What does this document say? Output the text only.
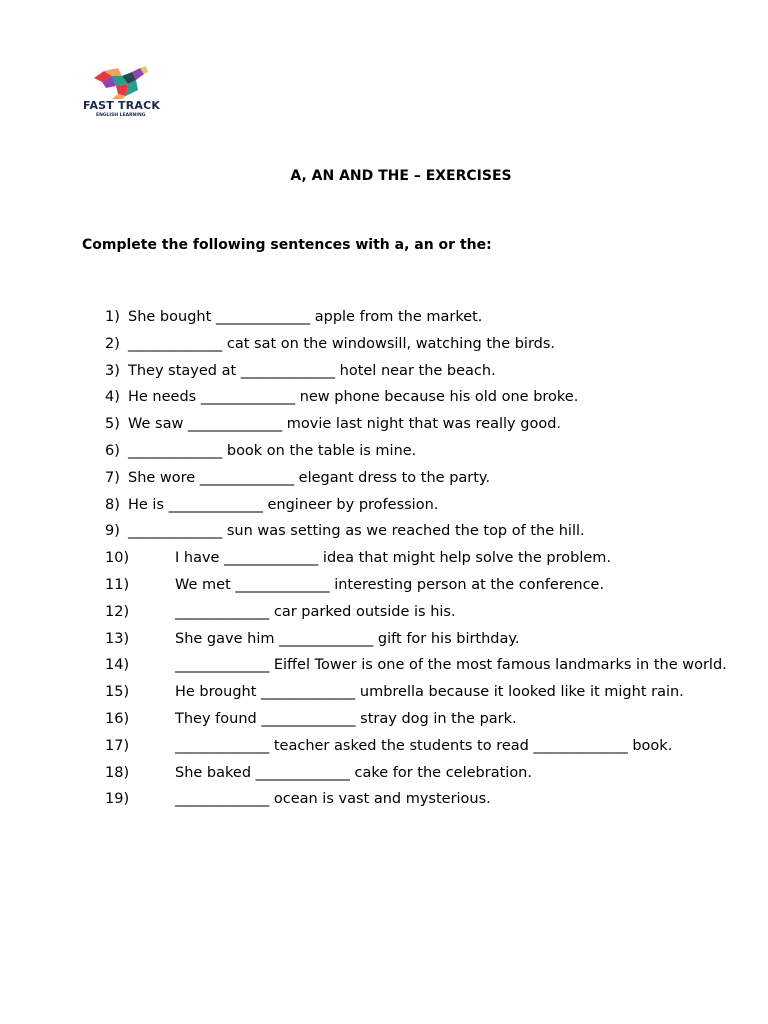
FAST TRACK
ENGLISH LEARNING
A, AN AND THE – EXERCISES
Complete the following sentences with a, an or the:
1) She bought _____________ apple from the market.
2) _____________ cat sat on the windowsill, watching the birds.
3) They stayed at _____________ hotel near the beach.
4) He needs _____________ new phone because his old one broke.
5) We saw _____________ movie last night that was really good.
6) _____________ book on the table is mine.
7) She wore _____________ elegant dress to the party.
8) He is _____________ engineer by profession.
9) _____________ sun was setting as we reached the top of the hill.
10)	I have _____________ idea that might help solve the problem.
11)	We met _____________ interesting person at the conference.
12)	_____________ car parked outside is his.
13)	She gave him _____________ gift for his birthday.
14)	_____________ Eiffel Tower is one of the most famous landmarks in the world.
15)	He brought _____________ umbrella because it looked like it might rain.
16)	They found _____________ stray dog in the park.
17)	_____________ teacher asked the students to read _____________ book.
18)	She baked _____________ cake for the celebration.
19)	_____________ ocean is vast and mysterious.
